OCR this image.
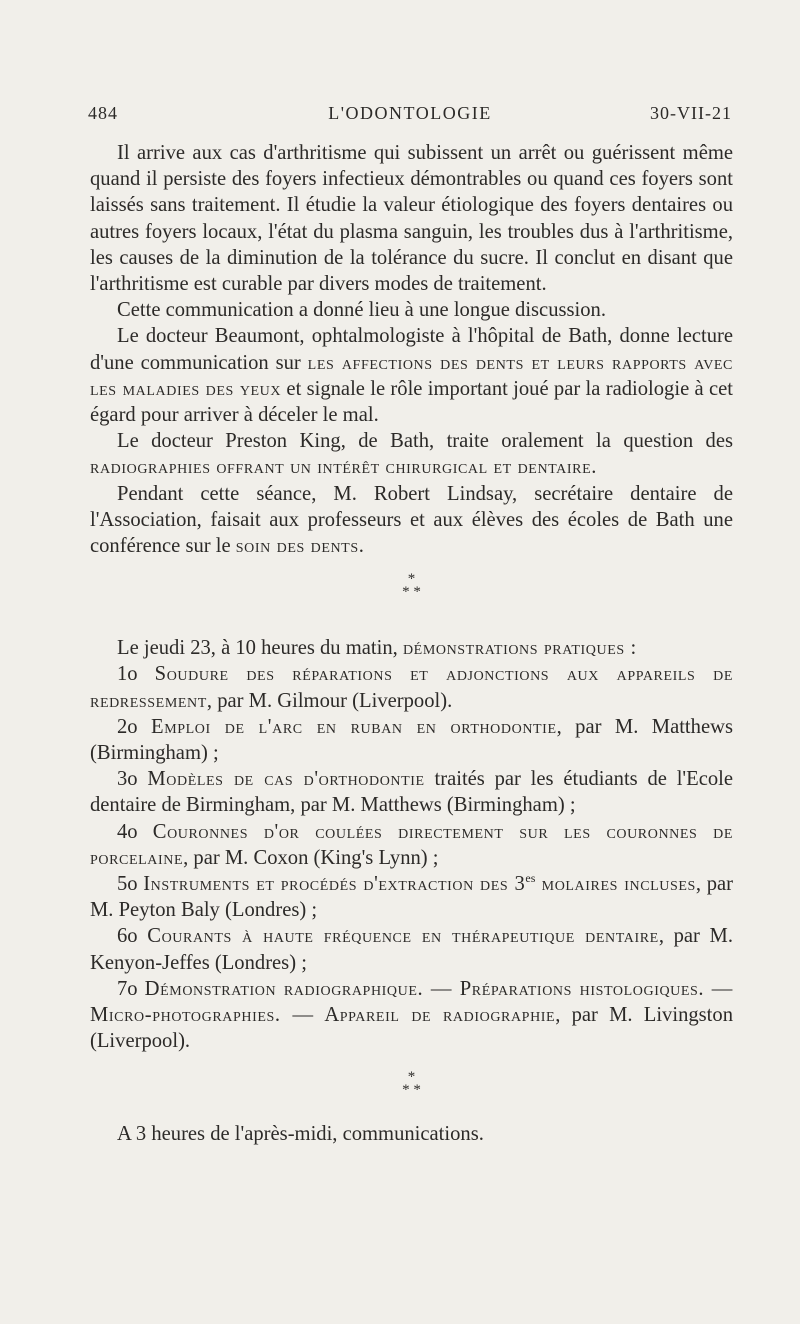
484	L'ODONTOLOGIE	30-VII-21

Il arrive aux cas d'arthritisme qui subissent un arrêt ou guérissent même quand il persiste des foyers infectieux démontrables ou quand ces foyers sont laissés sans traitement. Il étudie la valeur étiologique des foyers dentaires ou autres foyers locaux, l'état du plasma sanguin, les troubles dus à l'arthritisme, les causes de la diminution de la tolérance du sucre. Il conclut en disant que l'arthritisme est curable par divers modes de traitement.

Cette communication a donné lieu à une longue discussion.

Le docteur Beaumont, ophtalmologiste à l'hôpital de Bath, donne lecture d'une communication sur les affections des dents et leurs rapports avec les maladies des yeux et signale le rôle important joué par la radiologie à cet égard pour arriver à déceler le mal.

Le docteur Preston King, de Bath, traite oralement la question des radiographies offrant un intérêt chirurgical et dentaire.

Pendant cette séance, M. Robert Lindsay, secrétaire dentaire de l'Association, faisait aux professeurs et aux élèves des écoles de Bath une conférence sur le soin des dents.

*
* *

Le jeudi 23, à 10 heures du matin, démonstrations pratiques :

1o Soudure des réparations et adjonctions aux appareils de redressement, par M. Gilmour (Liverpool).

2o Emploi de l'arc en ruban en orthodontie, par M. Matthews (Birmingham) ;

3o Modèles de cas d'orthodontie traités par les étudiants de l'Ecole dentaire de Birmingham, par M. Matthews (Birmingham) ;

4o Couronnes d'or coulées directement sur les couronnes de porcelaine, par M. Coxon (King's Lynn) ;

5o Instruments et procédés d'extraction des $3^{es}$ molaires incluses, par M. Peyton Baly (Londres) ;

6o Courants à haute fréquence en thérapeutique dentaire, par M. Kenyon-Jeffes (Londres) ;

7o Démonstration radiographique. — Préparations histologiques. — Micro-photographies. — Appareil de radiographie, par M. Livingston (Liverpool).

*
* *

A 3 heures de l'après-midi, communications.
